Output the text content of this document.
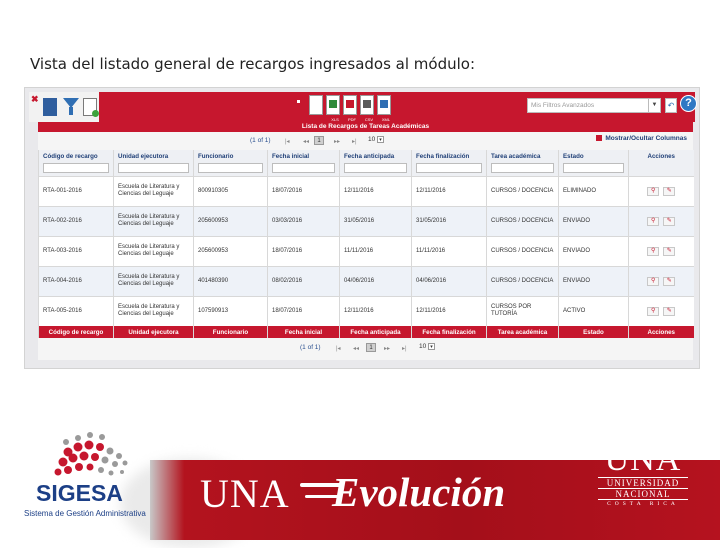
Vista del listado general de recargos ingresados al módulo:
✖
XLS	PDF	CSV	XML
Mis Filtros Avanzados	▼	↶ ?
Lista de Recargos de Tareas Académicas
(1 of 1) |◂ ◂◂	1	▸▸ ▸| 10 ▾	Mostrar/Ocultar Columnas
Código de recargo	Unidad ejecutora	Funcionario	Fecha inicial	Fecha anticipada	Fecha finalización	Tarea académica	Estado	Acciones

RTA-001-2016	Escuela de Literatura y Ciencias del Leguaje	800910305	18/07/2016	12/11/2016	12/11/2016	CURSOS / DOCENCIA	ELIMINADO	⚲ ✎
RTA-002-2016	Escuela de Literatura y Ciencias del Leguaje	205600953	03/03/2016	31/05/2016	31/05/2016	CURSOS / DOCENCIA	ENVIADO	⚲ ✎
RTA-003-2016	Escuela de Literatura y Ciencias del Leguaje	205600953	18/07/2016	11/11/2016	11/11/2016	CURSOS / DOCENCIA	ENVIADO	⚲ ✎
RTA-004-2016	Escuela de Literatura y Ciencias del Leguaje	401480390	08/02/2016	04/06/2016	04/06/2016	CURSOS / DOCENCIA	ENVIADO	⚲ ✎
RTA-005-2016	Escuela de Literatura y Ciencias del Leguaje	107590913	18/07/2016	12/11/2016	12/11/2016	CURSOS POR TUTORÍA	ACTIVO	⚲ ✎
Código de recargo	Unidad ejecutora	Funcionario	Fecha inicial	Fecha anticipada	Fecha finalización	Tarea académica	Estado	Acciones
(1 of 1)	|◂ ◂◂	1	▸▸ ▸| 10 ▾
UNA Evolución
UNA
UNIVERSIDAD
NACIONAL
COSTA RICA
SIGESA
Sistema de Gestión Administrativa
